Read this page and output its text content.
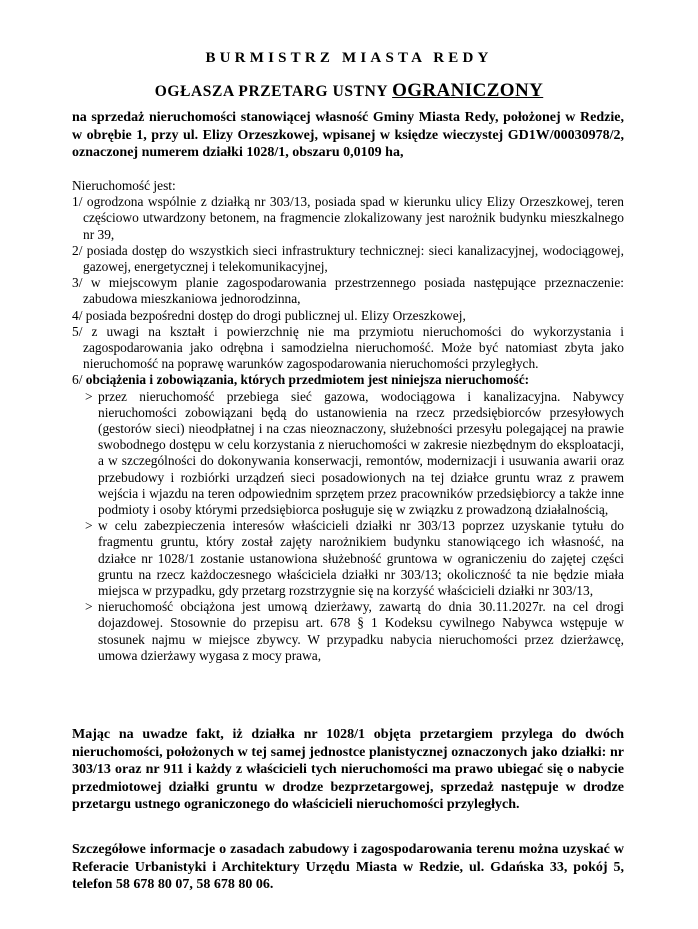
BURMISTRZ MIASTA REDY
OGŁASZA PRZETARG USTNY OGRANICZONY
na sprzedaż nieruchomości stanowiącej własność Gminy Miasta Redy, położonej w Redzie, w obrębie 1, przy ul. Elizy Orzeszkowej, wpisanej w księdze wieczystej GD1W/00030978/2, oznaczonej numerem działki 1028/1, obszaru 0,0109 ha,
Nieruchomość jest:
1/ ogrodzona wspólnie z działką nr 303/13, posiada spad w kierunku ulicy Elizy Orzeszkowej, teren częściowo utwardzony betonem, na fragmencie zlokalizowany jest narożnik budynku mieszkalnego nr 39,
2/ posiada dostęp do wszystkich sieci infrastruktury technicznej: sieci kanalizacyjnej, wodociągowej, gazowej, energetycznej i telekomunikacyjnej,
3/ w miejscowym planie zagospodarowania przestrzennego posiada następujące przeznaczenie: zabudowa mieszkaniowa jednorodzinna,
4/ posiada bezpośredni dostęp do drogi publicznej ul. Elizy Orzeszkowej,
5/ z uwagi na kształt i powierzchnię nie ma przymiotu nieruchomości do wykorzystania i zagospodarowania jako odrębna i samodzielna nieruchomość. Może być natomiast zbyta jako nieruchomość na poprawę warunków zagospodarowania nieruchomości przyległych.
6/ obciążenia i zobowiązania, których przedmiotem jest niniejsza nieruchomość:
> przez nieruchomość przebiega sieć gazowa, wodociągowa i kanalizacyjna. Nabywcy nieruchomości zobowiązani będą do ustanowienia na rzecz przedsiębiorców przesyłowych (gestorów sieci) nieodpłatnej i na czas nieoznaczony, służebności przesyłu polegającej na prawie swobodnego dostępu w celu korzystania z nieruchomości w zakresie niezbędnym do eksploatacji, a w szczególności do dokonywania konserwacji, remontów, modernizacji i usuwania awarii oraz przebudowy i rozbiórki urządzeń sieci posadowionych na tej działce gruntu wraz z prawem wejścia i wjazdu na teren odpowiednim sprzętem przez pracowników przedsiębiorcy a także inne podmioty i osoby którymi przedsiębiorca posługuje się w związku z prowadzoną działalnością,
> w celu zabezpieczenia interesów właścicieli działki nr 303/13 poprzez uzyskanie tytułu do fragmentu gruntu, który został zajęty narożnikiem budynku stanowiącego ich własność, na działce nr 1028/1 zostanie ustanowiona służebność gruntowa w ograniczeniu do zajętej części gruntu na rzecz każdoczesnego właściciela działki nr 303/13; okoliczność ta nie będzie miała miejsca w przypadku, gdy przetarg rozstrzygnie się na korzyść właścicieli działki nr 303/13,
> nieruchomość obciążona jest umową dzierżawy, zawartą do dnia 30.11.2027r. na cel drogi dojazdowej. Stosownie do przepisu art. 678 § 1 Kodeksu cywilnego Nabywca wstępuje w stosunek najmu w miejsce zbywcy. W przypadku nabycia nieruchomości przez dzierżawcę, umowa dzierżawy wygasa z mocy prawa,
Mając na uwadze fakt, iż działka nr 1028/1 objęta przetargiem przylega do dwóch nieruchomości, położonych w tej samej jednostce planistycznej oznaczonych jako działki: nr 303/13 oraz nr 911 i każdy z właścicieli tych nieruchomości ma prawo ubiegać się o nabycie przedmiotowej działki gruntu w drodze bezprzetargowej, sprzedaż następuje w drodze przetargu ustnego ograniczonego do właścicieli nieruchomości przyległych.
Szczegółowe informacje o zasadach zabudowy i zagospodarowania terenu można uzyskać w Referacie Urbanistyki i Architektury Urzędu Miasta w Redzie, ul. Gdańska 33, pokój 5, telefon 58 678 80 07, 58 678 80 06.
